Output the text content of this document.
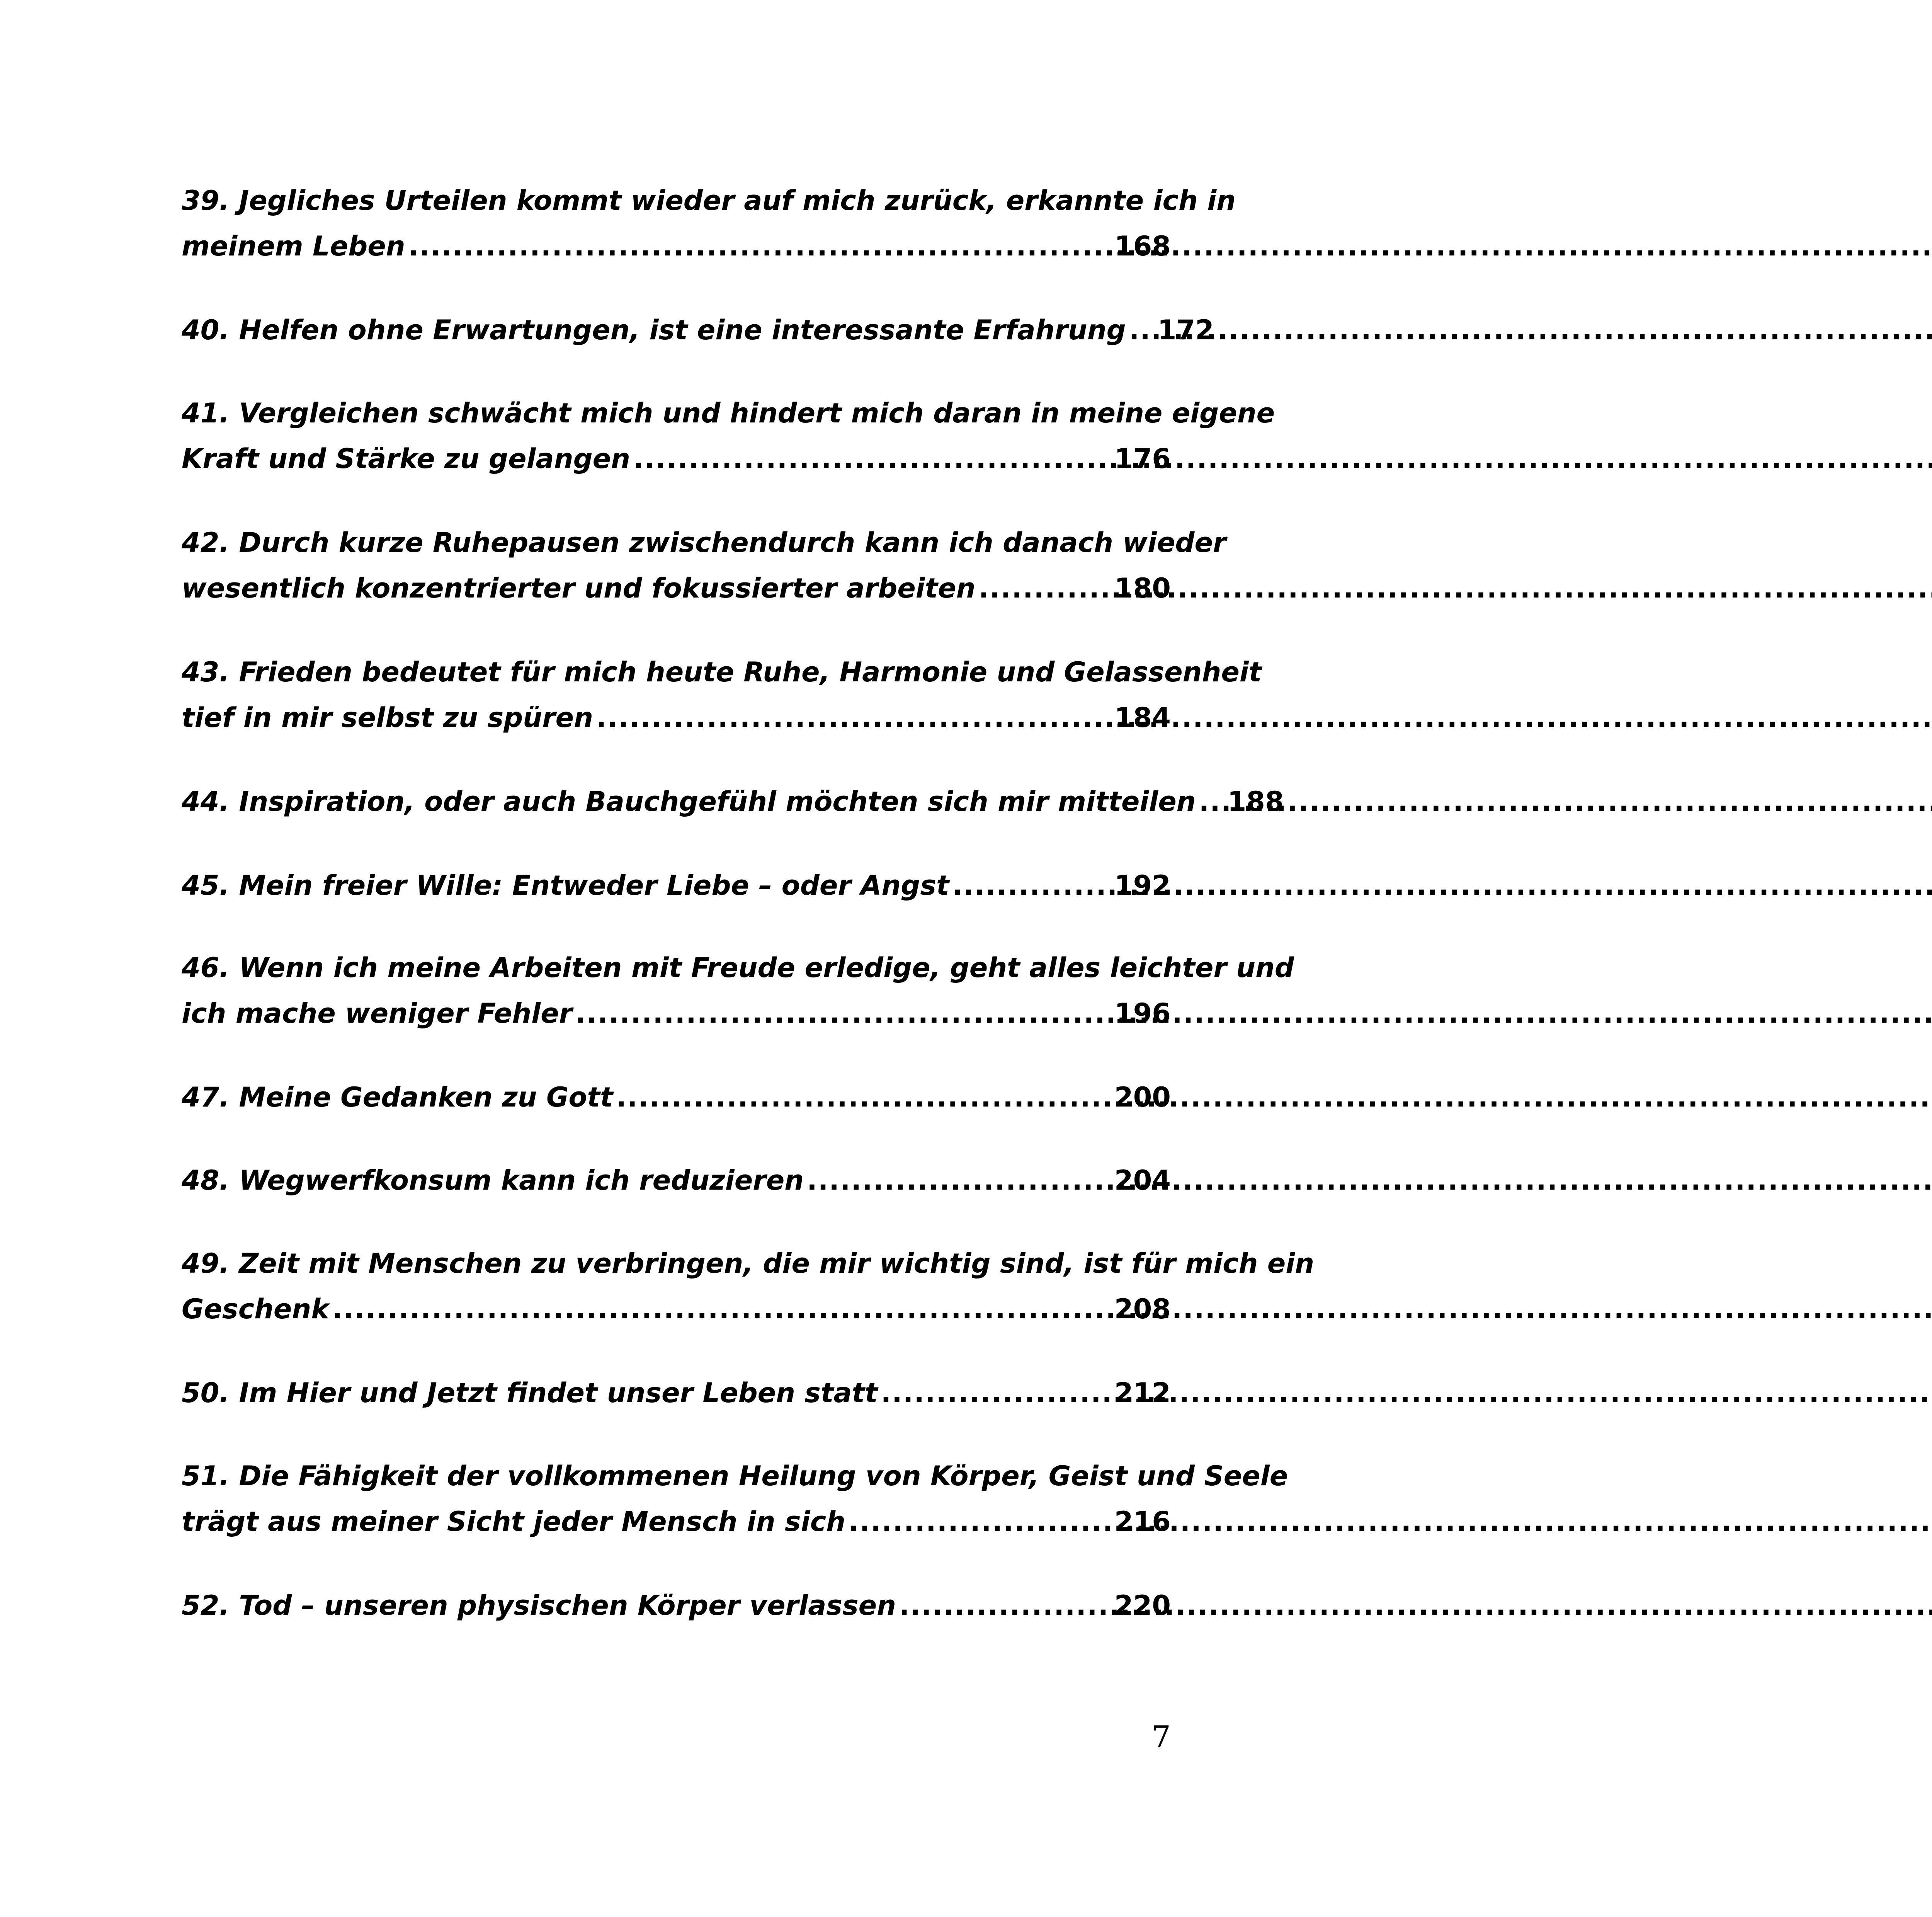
39. Jegliches Urteilen kommt wieder auf mich zurück, erkannte ich in
meinem Leben .....	168
40. Helfen ohne Erwartungen, ist eine interessante Erfahrung ..... 172
41. Vergleichen schwächt mich und hindert mich daran in meine eigene
Kraft und Stärke zu gelangen .....	176
42. Durch kurze Ruhepausen zwischendurch kann ich danach wieder
wesentlich konzentrierter und fokussierter arbeiten .....	180
43. Frieden bedeutet für mich heute Ruhe, Harmonie und Gelassenheit
tief in mir selbst zu spüren .....	184
44. Inspiration, oder auch Bauchgefühl möchten sich mir mitteilen ..... 188
45. Mein freier Wille: Entweder Liebe – oder Angst .....	192
46. Wenn ich meine Arbeiten mit Freude erledige, geht alles leichter und
ich mache weniger Fehler .....	196
47. Meine Gedanken zu Gott .....	200
48. Wegwerfkonsum kann ich reduzieren .....	204
49. Zeit mit Menschen zu verbringen, die mir wichtig sind, ist für mich ein
Geschenk .....	208
50. Im Hier und Jetzt findet unser Leben statt .....	212
51. Die Fähigkeit der vollkommenen Heilung von Körper, Geist und Seele
trägt aus meiner Sicht jeder Mensch in sich .....	216
52. Tod – unseren physischen Körper verlassen .....	220
7
